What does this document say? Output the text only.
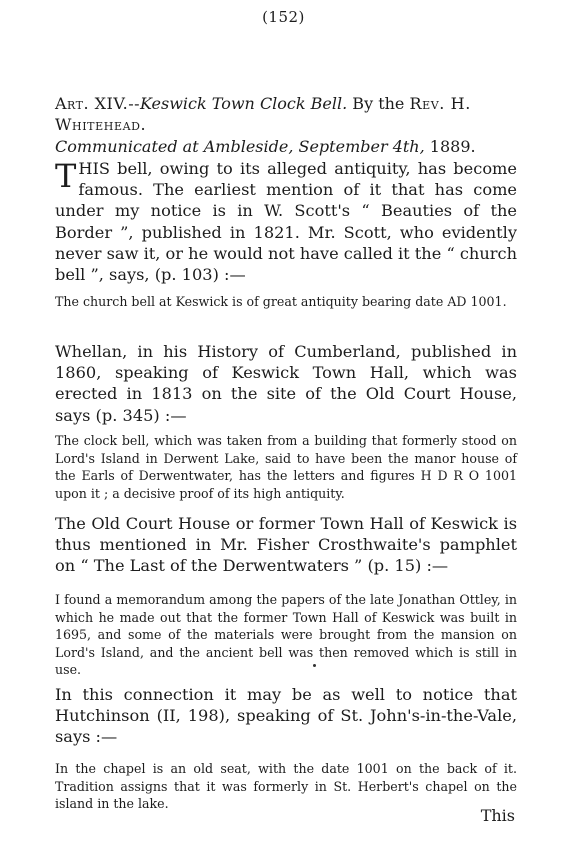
(152)
Art. XIV.--Keswick Town Clock Bell. By the Rev. H. Whitehead.
Communicated at Ambleside, September 4th, 1889.
T HIS bell, owing to its alleged antiquity, has become
famous. The earliest mention of it that has come
under my notice is in W. Scott's “ Beauties of the Border ”, published in 1821. Mr. Scott, who evidently never saw it, or he would not have called it the “ church bell ”, says, (p. 103) :—
The church bell at Keswick is of great antiquity bearing date AD 1001.
Whellan, in his History of Cumberland, published in 1860, speaking of Keswick Town Hall, which was erected in 1813 on the site of the Old Court House, says (p. 345) :—
The clock bell, which was taken from a building that formerly stood on Lord's Island in Derwent Lake, said to have been the manor house of the Earls of Derwentwater, has the letters and figures H D R O 1001 upon it ; a decisive proof of its high antiquity.
The Old Court House or former Town Hall of Keswick is thus mentioned in Mr. Fisher Crosthwaite's pamphlet on “ The Last of the Derwentwaters ” (p. 15) :—
I found a memorandum among the papers of the late Jonathan Ottley, in which he made out that the former Town Hall of Keswick was built in 1695, and some of the materials were brought from the mansion on Lord's Island, and the ancient bell was then removed which is still in use.
In this connection it may be as well to notice that Hutchinson (II, 198), speaking of St. John's-in-the-Vale, says :—
In the chapel is an old seat, with the date 1001 on the back of it. Tradition assigns that it was formerly in St. Herbert's chapel on the island in the lake.
This
